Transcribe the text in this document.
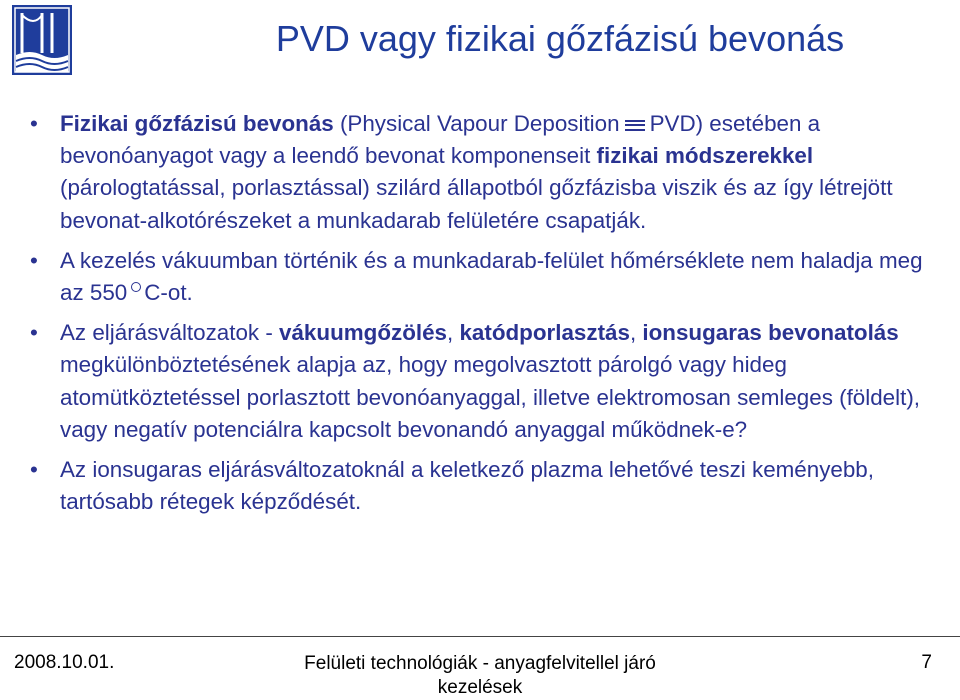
PVD vagy fizikai gőzfázisú bevonás
• Fizikai gőzfázisú bevonás (Physical Vapour Deposition PVD) esetében a bevonóanyagot vagy a leendő bevonat komponenseit fizikai módszerekkel (párologtatással, porlasztással) szilárd állapotból gőzfázisba viszik és az így létrejött bevonat-alkotórészeket a munkadarab felületére csapatják.
• A kezelés vákuumban történik és a munkadarab-felület hőmérséklete nem haladja meg az 550 C-ot.
• Az eljárásváltozatok - vákuumgőzölés, katódporlasztás, ionsugaras bevonatolás megkülönböztetésének alapja az, hogy megolvasztott párolgó vagy hideg atomütköztetéssel porlasztott bevonóanyaggal, illetve elektromosan semleges (földelt), vagy negatív potenciálra kapcsolt bevonandó anyaggal működnek-e?
• Az ionsugaras eljárásváltozatoknál a keletkező plazma lehetővé teszi keményebb, tartósabb rétegek képződését.
2008.10.01.	Felületi technológiák - anyagfelvitellel járó kezelések
7
